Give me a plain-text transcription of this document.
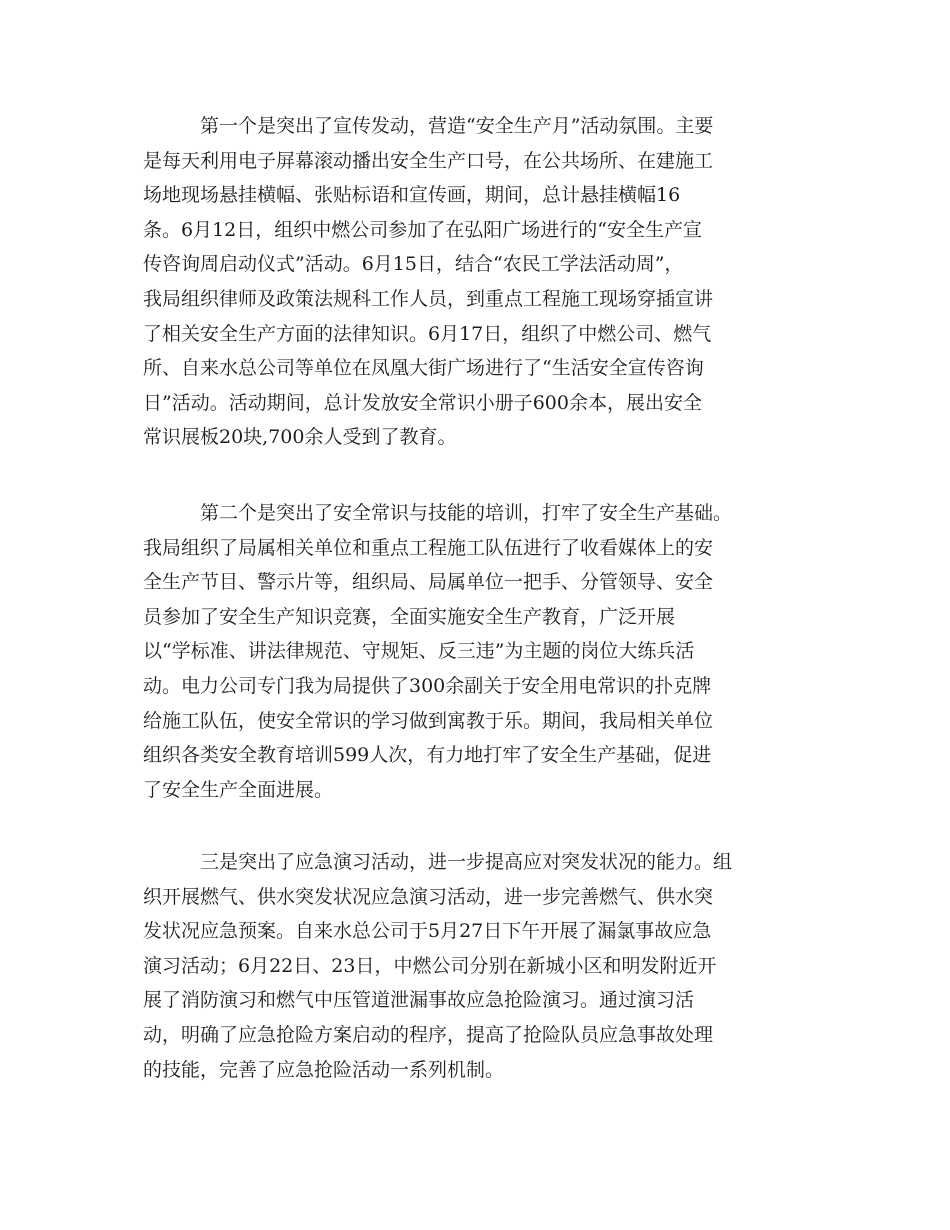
第一个是突出了宣传发动，营造“安全生产月”活动氛围。主要
是每天利用电子屏幕滚动播出安全生产口号，在公共场所、在建施工
场地现场悬挂横幅、张贴标语和宣传画，期间，总计悬挂横幅16
条。6月12日，组织中燃公司参加了在弘阳广场进行的“安全生产宣
传咨询周启动仪式”活动。6月15日，结合“农民工学法活动周”，
我局组织律师及政策法规科工作人员，到重点工程施工现场穿插宣讲
了相关安全生产方面的法律知识。6月17日，组织了中燃公司、燃气
所、自来水总公司等单位在凤凰大街广场进行了“生活安全宣传咨询
日”活动。活动期间，总计发放安全常识小册子600余本，展出安全
常识展板20块,700余人受到了教育。
第二个是突出了安全常识与技能的培训，打牢了安全生产基础。
我局组织了局属相关单位和重点工程施工队伍进行了收看媒体上的安
全生产节目、警示片等，组织局、局属单位一把手、分管领导、安全
员参加了安全生产知识竞赛，全面实施安全生产教育，广泛开展
以“学标准、讲法律规范、守规矩、反三违”为主题的岗位大练兵活
动。电力公司专门我为局提供了300余副关于安全用电常识的扑克牌
给施工队伍，使安全常识的学习做到寓教于乐。期间，我局相关单位
组织各类安全教育培训599人次，有力地打牢了安全生产基础，促进
了安全生产全面进展。
三是突出了应急演习活动，进一步提高应对突发状况的能力。组
织开展燃气、供水突发状况应急演习活动，进一步完善燃气、供水突
发状况应急预案。自来水总公司于5月27日下午开展了漏氯事故应急
演习活动；6月22日、23日，中燃公司分别在新城小区和明发附近开
展了消防演习和燃气中压管道泄漏事故应急抢险演习。通过演习活
动，明确了应急抢险方案启动的程序，提高了抢险队员应急事故处理
的技能，完善了应急抢险活动一系列机制。
